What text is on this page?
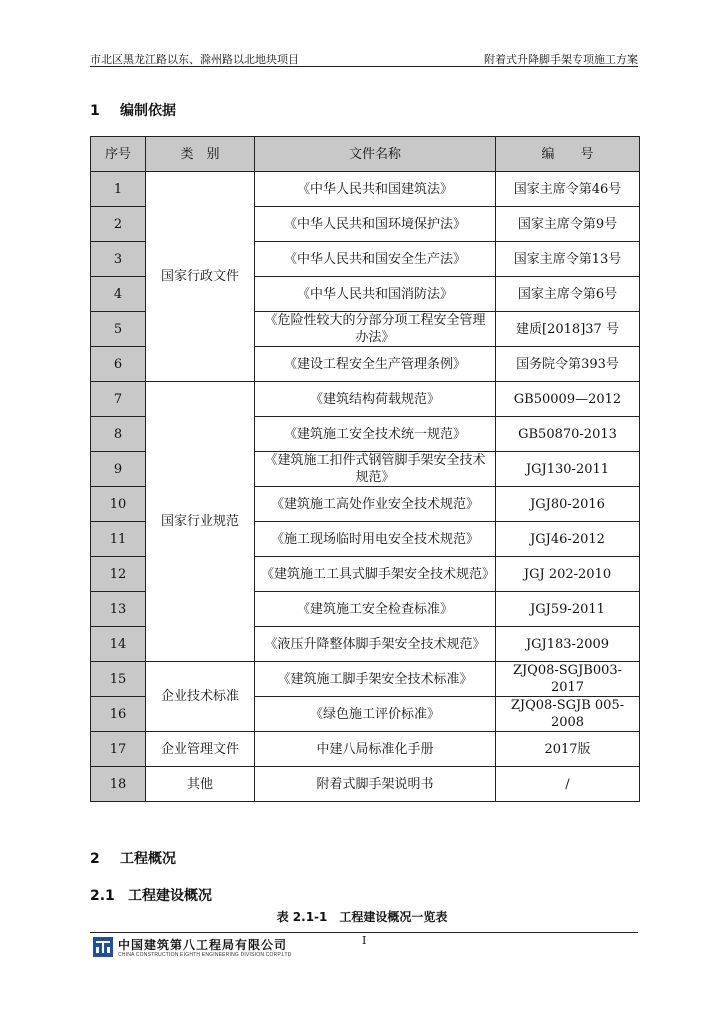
市北区黑龙江路以东、滁州路以北地块项目	附着式升降脚手架专项施工方案
1 编制依据
序号	类　别	文件名称	编　　号
1	国家行政文件	《中华人民共和国建筑法》	国家主席令第46号
2		《中华人民共和国环境保护法》	国家主席令第9号
3		《中华人民共和国安全生产法》	国家主席令第13号
4		《中华人民共和国消防法》	国家主席令第6号
5		《危险性较大的分部分项工程安全管理办法》	建质[2018]37 号
6		《建设工程安全生产管理条例》	国务院令第393号
7	国家行业规范	《建筑结构荷载规范》	GB50009—2012
8		《建筑施工安全技术统一规范》	GB50870-2013
9		《建筑施工扣件式钢管脚手架安全技术规范》	JGJ130-2011
10		《建筑施工高处作业安全技术规范》	JGJ80-2016
11		《施工现场临时用电安全技术规范》	JGJ46-2012
12		《建筑施工工具式脚手架安全技术规范》	JGJ 202-2010
13		《建筑施工安全检查标准》	JGJ59-2011
14		《液压升降整体脚手架安全技术规范》	JGJ183-2009
15	企业技术标准	《建筑施工脚手架安全技术标准》	ZJQ08-SGJB003-2017
16		《绿色施工评价标准》	ZJQ08-SGJB 005-2008
17	企业管理文件	中建八局标准化手册	2017版
18	其他	附着式脚手架说明书	/
2 工程概况
2.1 工程建设概况
表 2.1-1　工程建设概况一览表
中国建筑第八工程局有限公司
CHINA CONSTRUCTION EIGHTH ENGINEERING DIVISION.CORP.LTD
I
